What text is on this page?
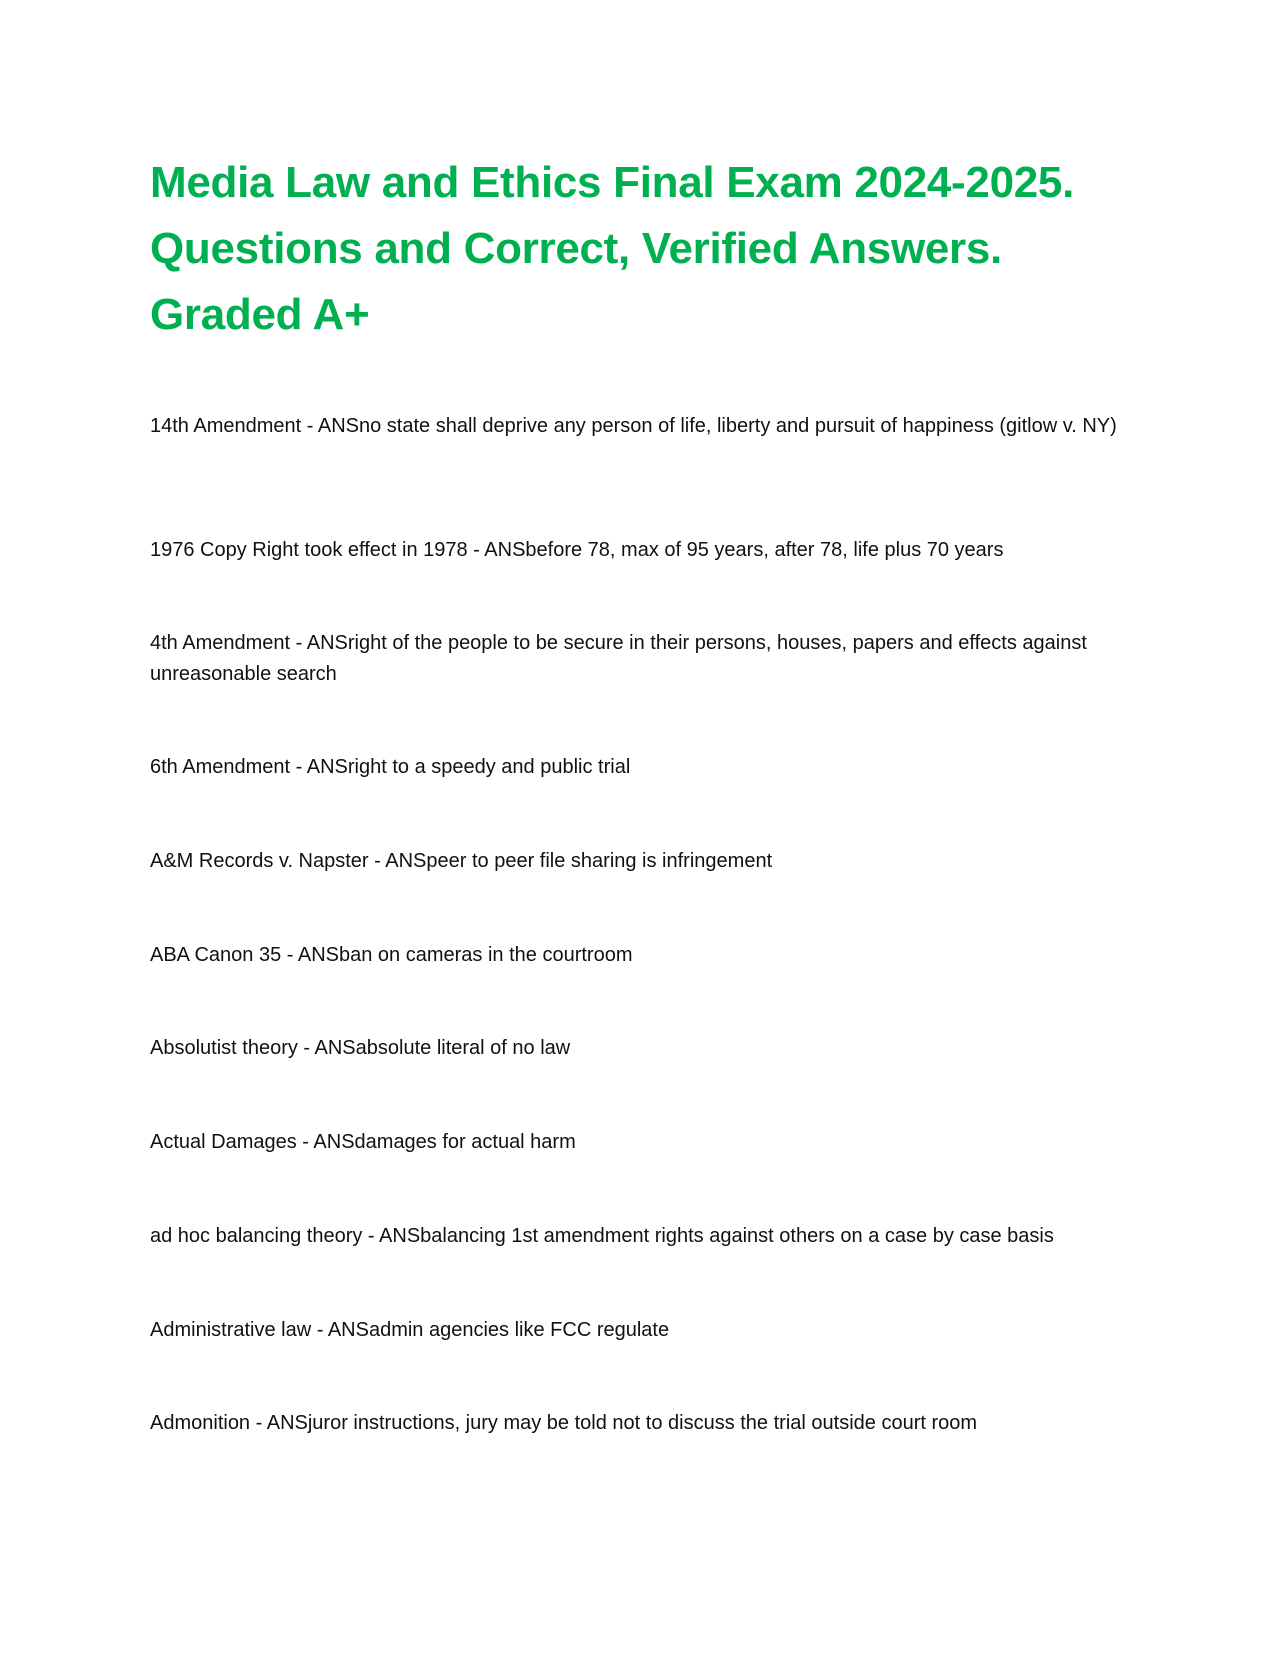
Media Law and Ethics Final Exam 2024-2025.
Questions and Correct, Verified Answers.
Graded A+

14th Amendment - ANSno state shall deprive any person of life, liberty and pursuit of happiness (gitlow v. NY)

1976 Copy Right took effect in 1978 - ANSbefore 78, max of 95 years, after 78, life plus 70 years

4th Amendment - ANSright of the people to be secure in their persons, houses, papers and effects against unreasonable search

6th Amendment - ANSright to a speedy and public trial

A&M Records v. Napster - ANSpeer to peer file sharing is infringement

ABA Canon 35 - ANSban on cameras in the courtroom

Absolutist theory - ANSabsolute literal of no law

Actual Damages - ANSdamages for actual harm

ad hoc balancing theory - ANSbalancing 1st amendment rights against others on a case by case basis

Administrative law - ANSadmin agencies like FCC regulate

Admonition - ANSjuror instructions, jury may be told not to discuss the trial outside court room
